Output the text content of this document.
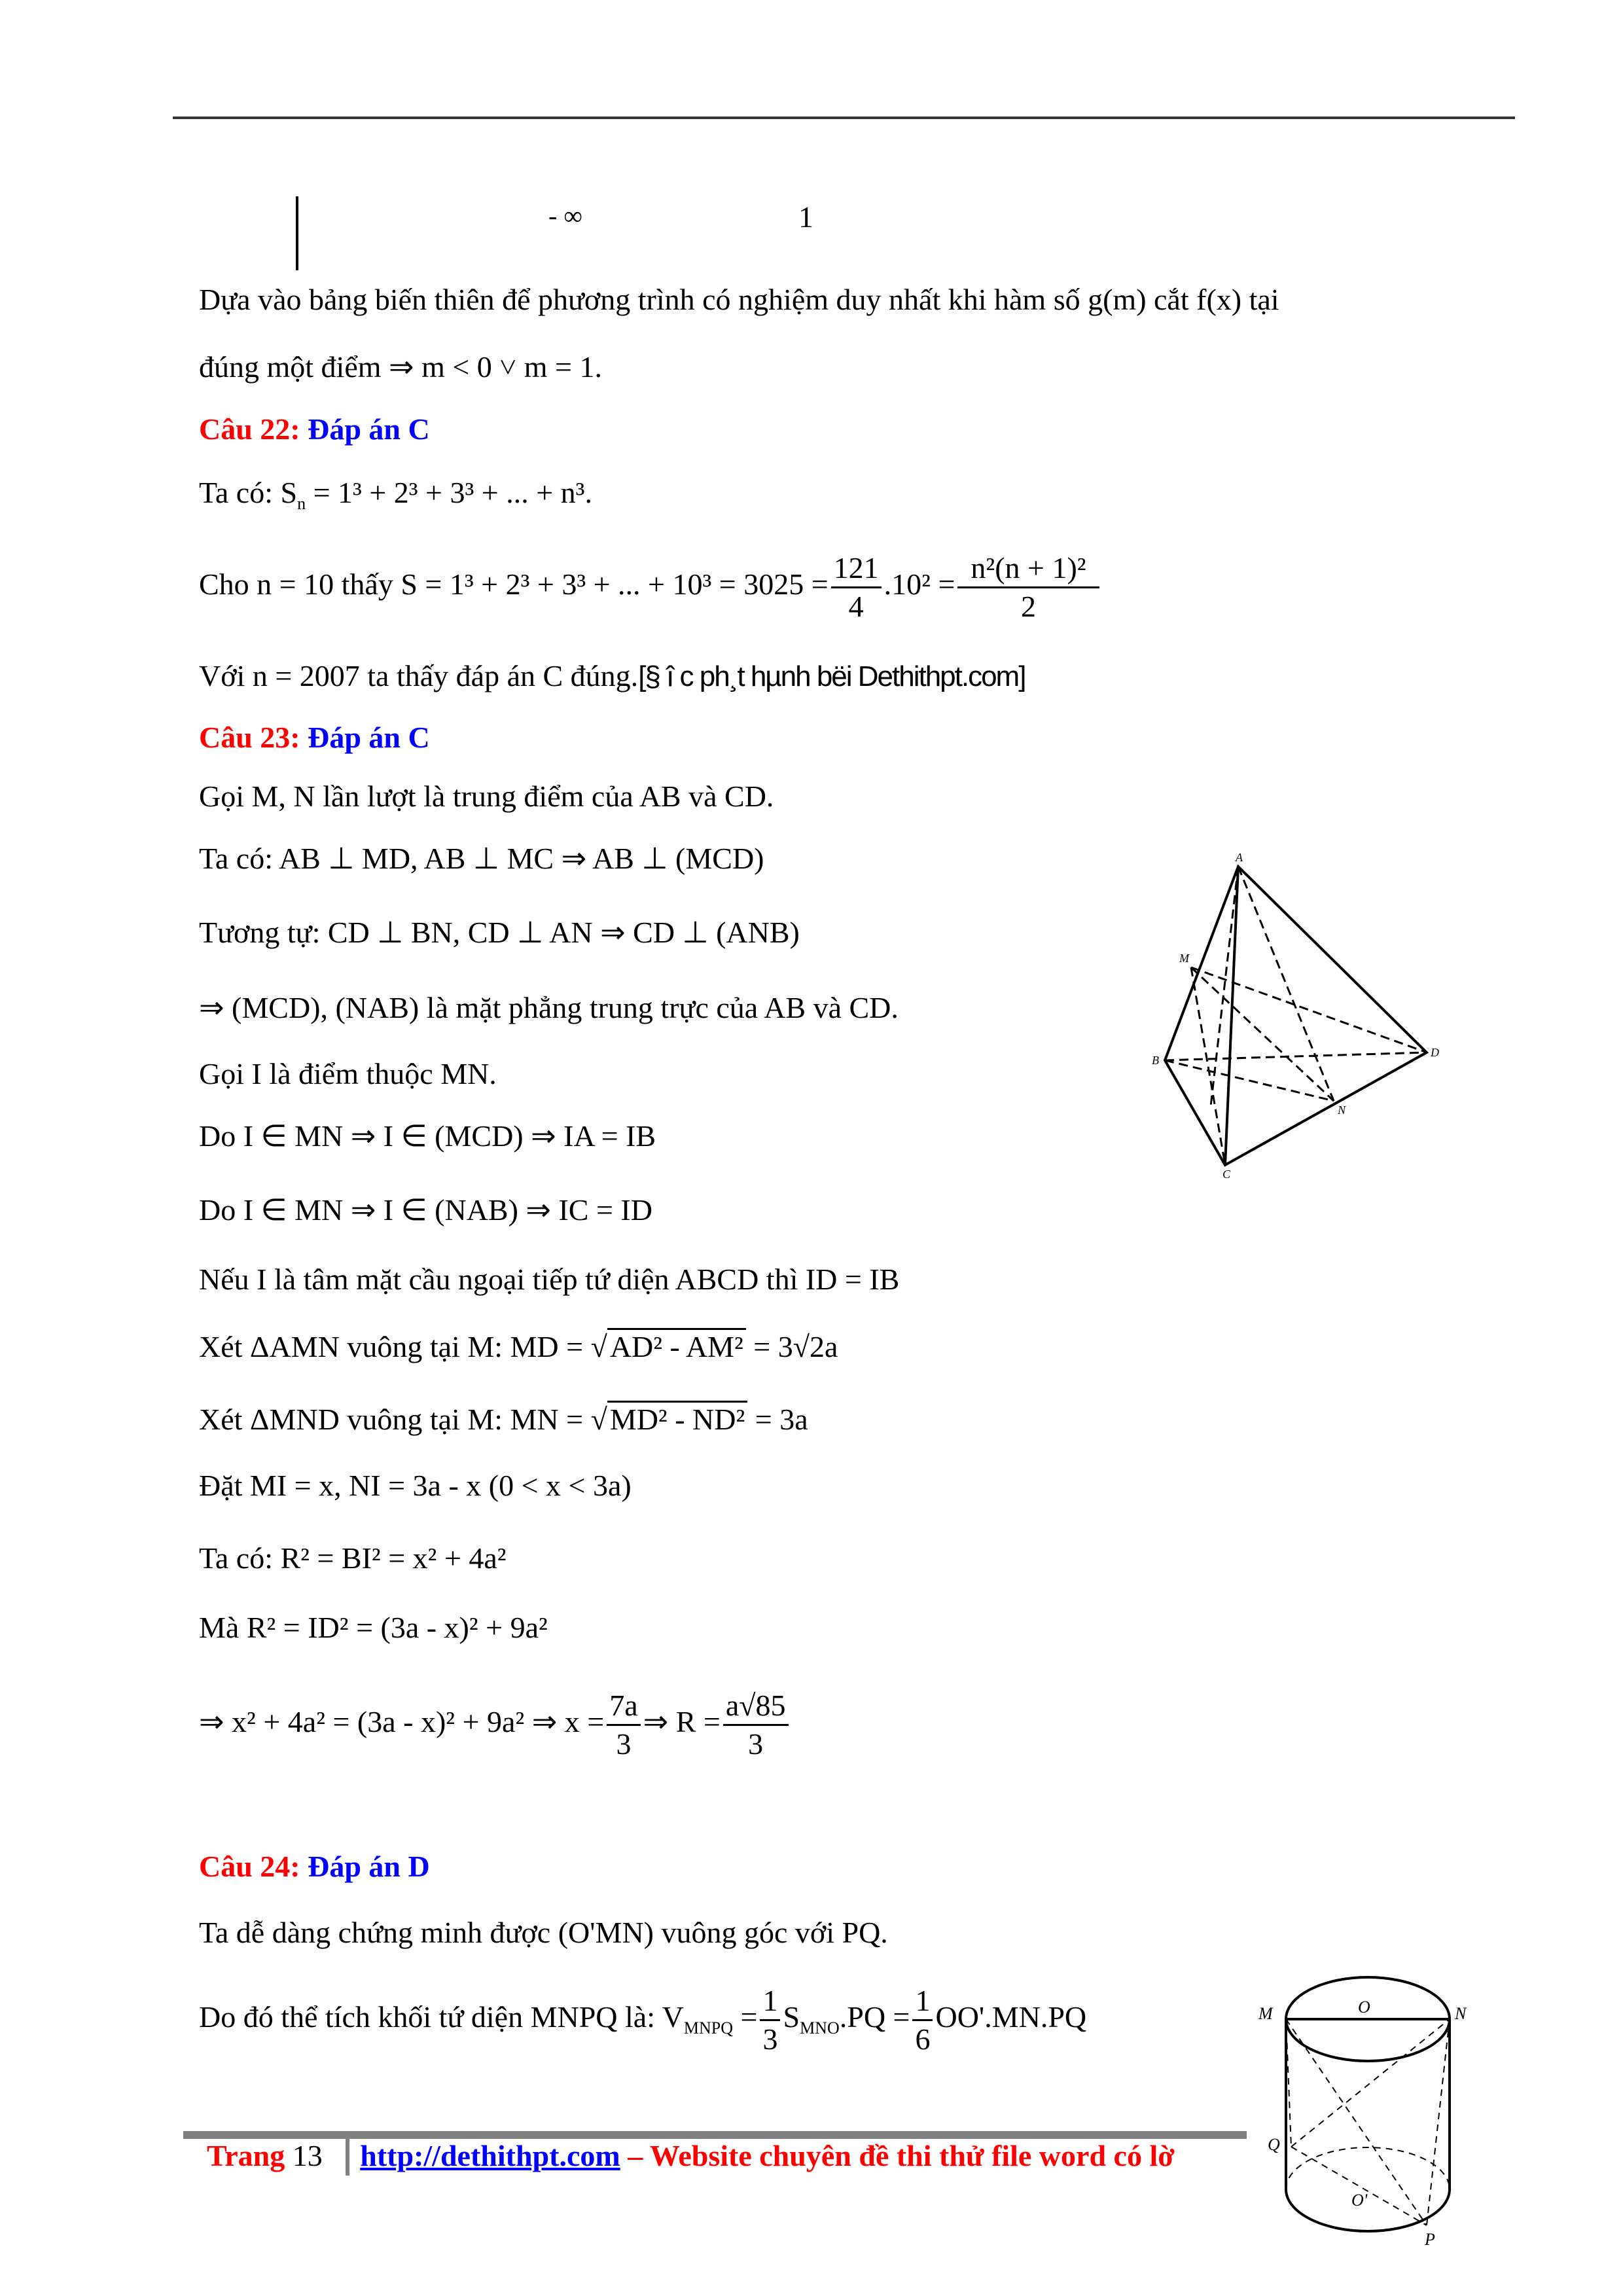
- ∞	1
Dựa vào bảng biến thiên để phương trình có nghiệm duy nhất khi hàm số g(m) cắt f(x) tại
đúng một điểm ⇒ m < 0 ˅ m = 1.
Câu 22: Đáp án C
Ta có: $S_n = 1^3 + 2^3 + 3^3$ + ... + n³.
Cho n = 10 thấy S = 1³ + 2³ + 3³ + ... + $10^3 = 3025 = \frac{121}{4} .10^2 = \frac{\text{n²(n + 1)²}}{2}$
Với n = 2007 ta thấy đáp án C đúng.[§ î c ph¸t hµnh bëi Dethithpt.com]
Câu 23: Đáp án C
Gọi M, N lần lượt là trung điểm của AB và CD.
Ta có: AB ⊥ MD, AB ⊥ MC ⇒ AB ⊥ (MCD)
Tương tự: CD ⊥ BN, CD ⊥ AN ⇒ CD ⊥ (ANB)
⇒ (MCD), (NAB) là mặt phẳng trung trực của AB và CD.
Gọi I là điểm thuộc MN.
Do I ∈ MN ⇒ I ∈ (MCD) ⇒ IA = IB
Do I ∈ MN ⇒ I ∈ (NAB) ⇒ IC = ID
Nếu I là tâm mặt cầu ngoại tiếp tứ diện ABCD thì ID = IB
Xét ΔAMN vuông tại M: MD = √AD² - AM² = 3√2a
Xét ΔMND vuông tại M: MN = √MD² - ND² = 3a
Đặt MI = x, NI = 3a - x (0 < x < 3a)
Ta có: R² = BI² = x² + 4a²
Mà R² = ID² = (3a - x)² + 9a²
⇒ x² + 4a² = (3a - x)² + 9a² ⇒ $x = \frac{7a}{3}$ ⇒ $R = \frac{a√85}{3}$
Câu 24: Đáp án D
Ta dễ dàng chứng minh được (O'MN) vuông góc với PQ.
Do đó thể tích khối tứ diện MNPQ là: $V_{MNPQ} = \frac{1}{3} S_{MNO}.PQ = \frac{1}{6} OO'.MN.PQ$
A
B
C
D
M
N
O
O'
M	N
P
Q
Trang 13 http://dethithpt.com – Website chuyên đề thi thử file word có lờ
